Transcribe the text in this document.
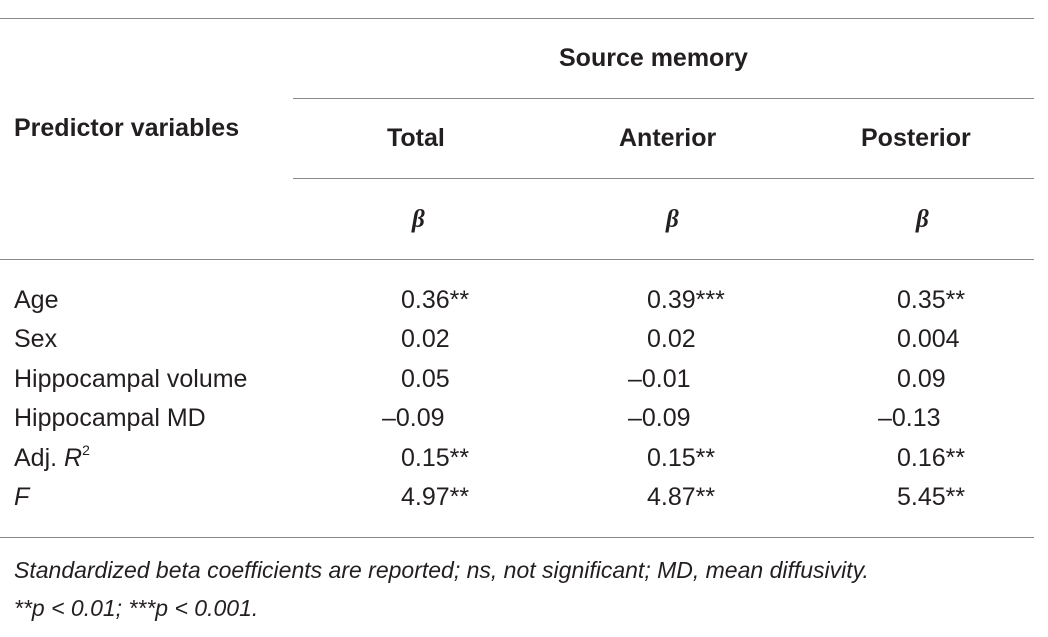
Predictor variables
Source memory
Total	Anterior	Posterior
β	β	β
Age	0.36**	0.39***	0.35**
Sex	0.02	0.02	0.004
Hippocampal volume	0.05	–0.01	0.09
Hippocampal MD	–0.09	–0.09	–0.13
Adj. $R^2$	0.15**	0.15**	0.16**
F	4.97**	4.87**	5.45**
Standardized beta coefficients are reported; ns, not significant; MD, mean diffusivity.
**p < 0.01; ***p < 0.001.
